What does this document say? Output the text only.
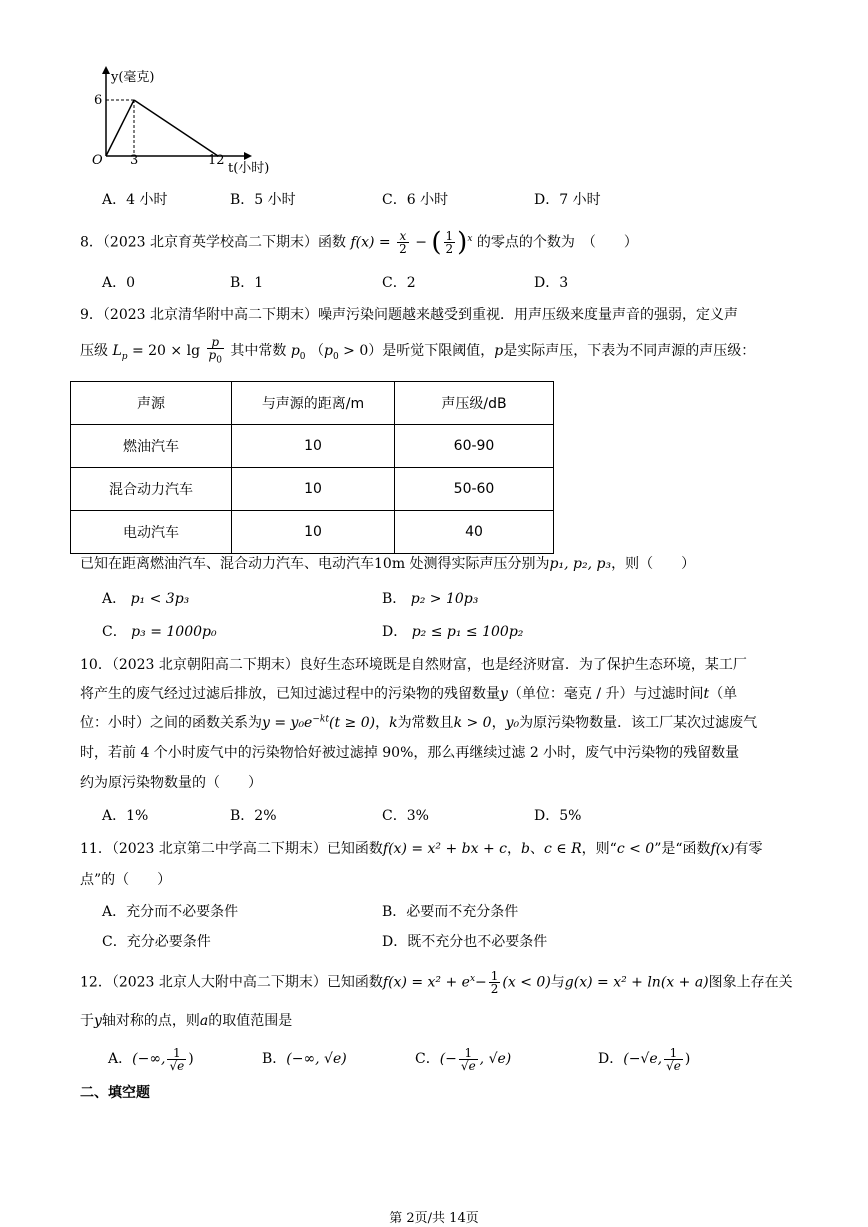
y(毫克)
6
O 3	12
t(小时)
A．4 小时	B．5 小时	C．6 小时	D．7 小时
8．（2023 北京育英学校高二下期末）函数 $f(x) = \frac{x}{2}$ − ( $\frac{1}{2} )^x$ 的零点的个数为　（　　）
A．0	B．1	C．2	D．3
9．（2023 北京清华附中高二下期末）噪声污染问题越来越受到重视．用声压级来度量声音的强弱，定义声
压级 $L_p = 20 \times \lg \frac{p}{p_0}$ 其中常数 $p_0$ $(p_0 > 0)$是听觉下限阈值，p是实际声压，下表为不同声源的声压级：
声源	与声源的距离/m	声压级/dB
燃油汽车	10	60-90
混合动力汽车	10	50-60
电动汽车	10	40
已知在距离燃油汽车、混合动力汽车、电动汽车10m 处测得实际声压分别为p₁, p₂, p₃，则（　　）
A． p₁ < 3p₃	B． p₂ > 10p₃
C． p₃ = 1000p₀	D． p₂ ≤ p₁ ≤ 100p₂
10．（2023 北京朝阳高二下期末）良好生态环境既是自然财富，也是经济财富．为了保护生态环境，某工厂
将产生的废气经过过滤后排放，已知过滤过程中的污染物的残留数量y（单位：毫克 / 升）与过滤时间t（单
位：小时）之间的函数关系为$y = y_0e^{-kt}(t \ge 0)$，k为常数且k > 0，y₀为原污染物数量．该工厂某次过滤废气
时，若前 4 个小时废气中的污染物恰好被过滤掉 90%，那么再继续过滤 2 小时，废气中污染物的残留数量
约为原污染物数量的（　　）
A．1%	B．2%	C．3%	D．5%
11．（2023 北京第二中学高二下期末）已知函数f(x) = x² + bx + c，b、c ∈ R，则“c < 0”是“函数f(x)有零
点”的（　　）
A．充分而不必要条件	B．必要而不充分条件
C．充分必要条件	D．既不充分也不必要条件
12．（2023 北京人大附中高二下期末）已知函数$f(x) = x^2 + e^x- \frac{1}{2} (x < 0)$与g(x) = x² + ln(x + a)图象上存在关
于y轴对称的点，则a的取值范围是
A．(−∞, $\frac{1}{√e}$ )	B．(−∞, √e)	C．(− $\frac{1}{√e}$ , √e)	D．(−√e, $\frac{1}{√e}$ )
二、填空题
第 2页/共 14页
